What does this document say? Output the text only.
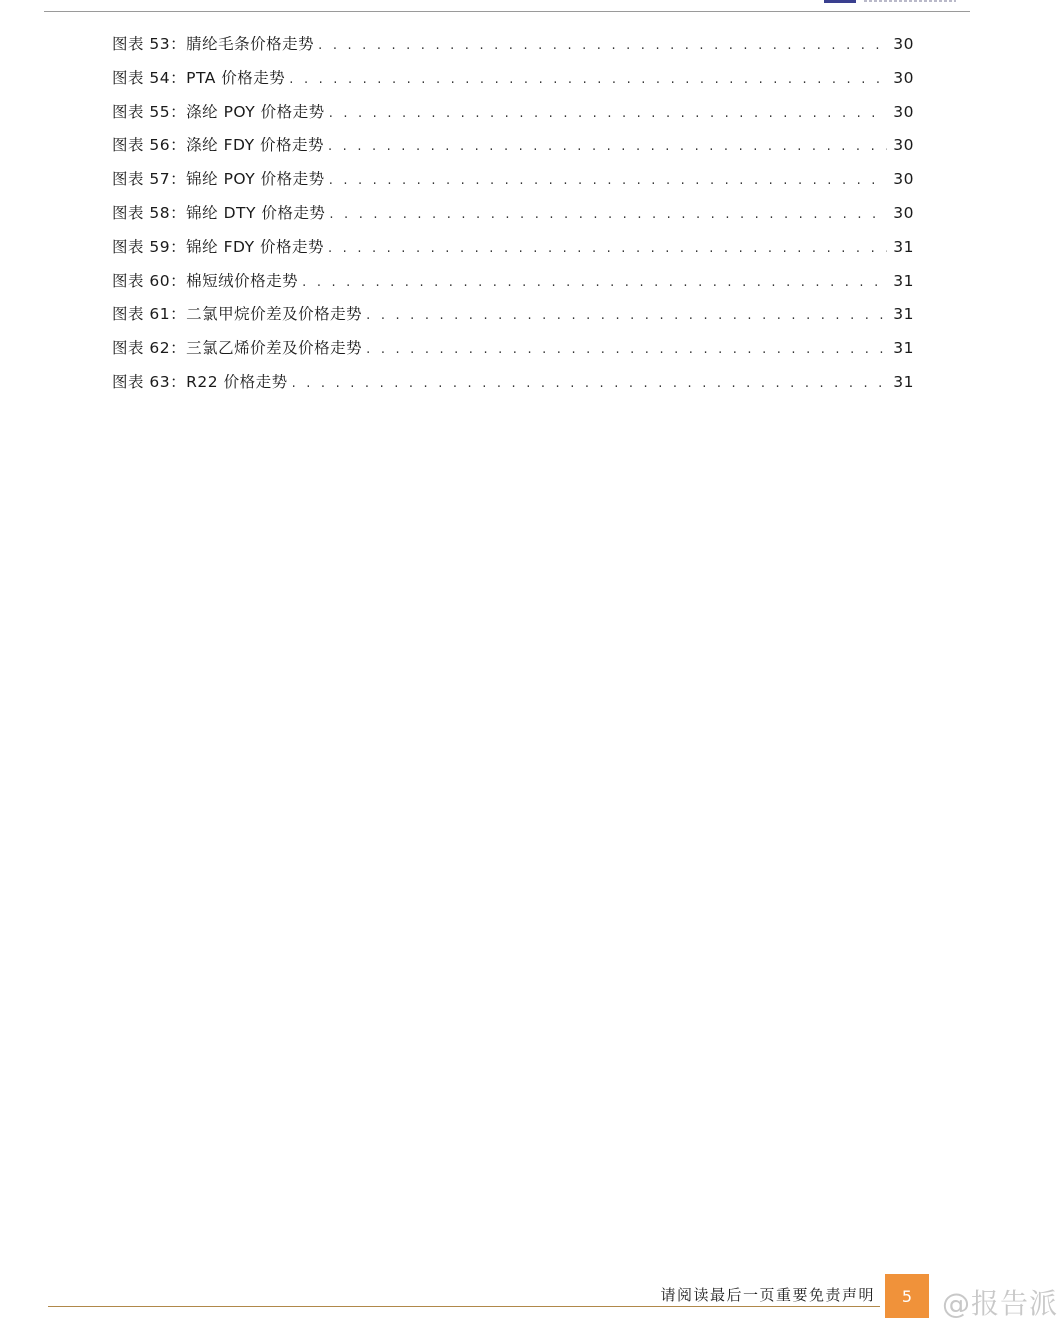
图表 53：腈纶毛条价格走势 . . .	30
图表 54：PTA 价格走势 . . .	30
图表 55：涤纶 POY 价格走势 . . .	30
图表 56：涤纶 FDY 价格走势 . . .	30
图表 57：锦纶 POY 价格走势 . . .	30
图表 58：锦纶 DTY 价格走势 . . .	30
图表 59：锦纶 FDY 价格走势 . . .	31
图表 60：棉短绒价格走势 . . .	31
图表 61：二氯甲烷价差及价格走势 . . .	31
图表 62：三氯乙烯价差及价格走势 . . .	31
图表 63：R22 价格走势 . . .	31
请阅读最后一页重要免责声明 5 @报告派
